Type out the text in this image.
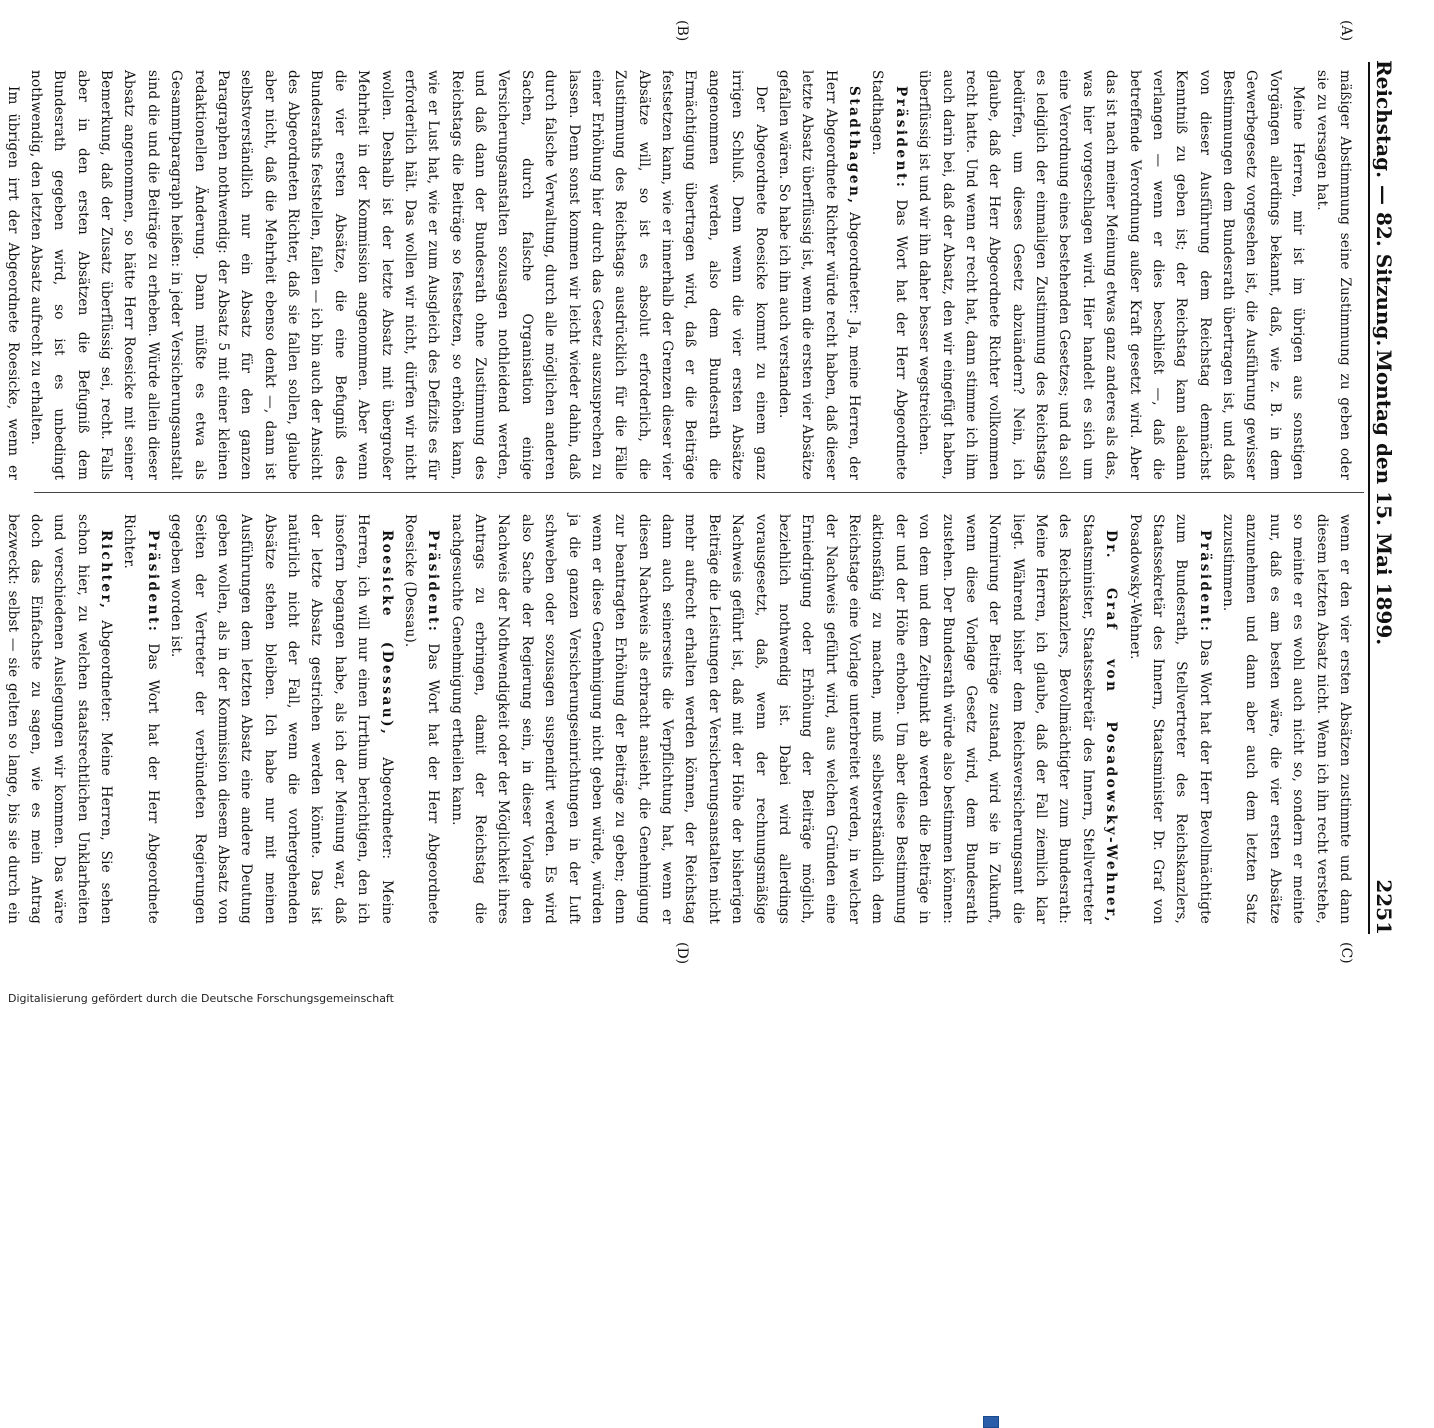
Reichstag. — 82. Sitzung.
Montag den 15. Mai 1899.
2251
(A)
(B)
(C)
(D)

mäßiger Abstimmung seine Zustimmung zu geben oder sie zu versagen hat.

Meine Herren, mir ist im übrigen aus sonstigen Vorgängen allerdings bekannt, daß, wie z. B. in dem Gewerbegesetz vorgesehen ist, die Ausführung gewisser Bestimmungen dem Bundesrath übertragen ist, und daß von dieser Ausführung dem Reichstag demnächst Kenntniß zu geben ist; der Reichstag kann alsdann verlangen — wenn er dies beschließt —, daß die betreffende Verordnung außer Kraft gesetzt wird. Aber das ist nach meiner Meinung etwas ganz anderes als das, was hier vorgeschlagen wird. Hier handelt es sich um eine Verordnung eines bestehenden Gesetzes; und da soll es lediglich der einmaligen Zustimmung des Reichstags bedürfen, um dieses Gesetz abzuändern? Nein, ich glaube, daß der Herr Abgeordnete Richter vollkommen recht hatte. Und wenn er recht hat, dann stimme ich ihm auch darin bei, daß der Absatz, den wir eingefügt haben, überflüssig ist und wir ihn daher besser wegstreichen.

Präsident: Das Wort hat der Herr Abgeordnete Stadthagen.

Stadthagen, Abgeordneter: Ja, meine Herren, der Herr Abgeordnete Richter würde recht haben, daß dieser letzte Absatz überflüssig ist, wenn die ersten vier Absätze gefallen wären. So habe ich ihn auch verstanden.

Der Abgeordnete Roesicke kommt zu einem ganz irrigen Schluß. Denn wenn die vier ersten Absätze angenommen werden, also dem Bundesrath die Ermächtigung übertragen wird, daß er die Beiträge festsetzen kann, wie er innerhalb der Grenzen dieser vier Absätze will, so ist es absolut erforderlich, die Zustimmung des Reichstags ausdrücklich für die Fälle einer Erhöhung hier durch das Gesetz auszusprechen zu lassen. Denn sonst kommen wir leicht wieder dahin, daß durch falsche Verwaltung, durch alle möglichen anderen Sachen, durch falsche Organisation einige Versicherungsanstalten sozusagen nothleidend werden, und daß dann der Bundesrath ohne Zustimmung des Reichstags die Beiträge so festsetzen, so erhöhen kann, wie er Lust hat, wie er zum Ausgleich des Defizits es für erforderlich hält. Das wollen wir nicht, dürfen wir nicht wollen. Deshalb ist der letzte Absatz mit übergroßer Mehrheit in der Kommission angenommen. Aber wenn die vier ersten Absätze, die eine Befugniß des Bundesraths feststellen, fallen — ich bin auch der Ansicht des Abgeordneten Richter, daß sie fallen sollen, glaube aber nicht, daß die Mehrheit ebenso denkt —, dann ist selbstverständlich nur ein Absatz für den ganzen Paragraphen nothwendig: der Absatz 5 mit einer kleinen redaktionellen Änderung. Dann müßte es etwa als Gesammtparagraph heißen: in jeder Versicherungsanstalt sind die und die Beiträge zu erheben. Würde allein dieser Absatz angenommen, so hätte Herr Roesicke mit seiner Bemerkung, daß der Zusatz überflüssig sei, recht. Falls aber in den ersten Absätzen die Befugniß dem Bundesrath gegeben wird, so ist es unbedingt nothwendig, den letzten Absatz aufrecht zu erhalten.

Im übrigen irrt der Abgeordnete Roesicke, wenn er

wenn er den vier ersten Absätzen zustimmte und dann diesem letzten Absatz nicht. Wenn ich ihn recht verstehe, so meinte er es wohl auch nicht so, sondern er meinte nur, daß es am besten wäre, die vier ersten Absätze anzunehmen und dann aber auch dem letzten Satz zuzustimmen.

Präsident: Das Wort hat der Herr Bevollmächtigte zum Bundesrath, Stellvertreter des Reichskanzlers, Staatssekretär des Innern, Staatsminister Dr. Graf von Posadowsky-Wehner.

Dr. Graf von Posadowsky-Wehner, Staatsminister, Staatssekretär des Innern, Stellvertreter des Reichskanzlers, Bevollmächtigter zum Bundesrath: Meine Herren, ich glaube, daß der Fall ziemlich klar liegt. Während bisher dem Reichsversicherungsamt die Normirung der Beiträge zustand, wird sie in Zukunft, wenn diese Vorlage Gesetz wird, dem Bundesrath zustehen. Der Bundesrath würde also bestimmen können: von dem und dem Zeitpunkt ab werden die Beiträge in der und der Höhe erhoben. Um aber diese Bestimmung aktionsfähig zu machen, muß selbstverständlich dem Reichstage eine Vorlage unterbreitet werden, in welcher der Nachweis geführt wird, aus welchen Gründen eine Erniedrigung oder Erhöhung der Beiträge möglich, beziehlich nothwendig ist. Dabei wird allerdings vorausgesetzt, daß, wenn der rechnungsmäßige Nachweis geführt ist, daß mit der Höhe der bisherigen Beiträge die Leistungen der Versicherungsanstalten nicht mehr aufrecht erhalten werden können, der Reichstag dann auch seinerseits die Verpflichtung hat, wenn er diesen Nachweis als erbracht ansieht, die Genehmigung zur beantragten Erhöhung der Beiträge zu geben; denn wenn er diese Genehmigung nicht geben würde, würden ja die ganzen Versicherungseinrichtungen in der Luft schweben oder sozusagen suspendirt werden. Es wird also Sache der Regierung sein, in dieser Vorlage den Nachweis der Nothwendigkeit oder der Möglichkeit ihres Antrags zu erbringen, damit der Reichstag die nachgesuchte Genehmigung ertheilen kann.

Präsident: Das Wort hat der Herr Abgeordnete Roesicke (Dessau).

Roesicke (Dessau), Abgeordneter: Meine Herren, ich will nur einen Irrthum berichtigen, den ich insofern begangen habe, als ich der Meinung war, daß der letzte Absatz gestrichen werden könnte. Das ist natürlich nicht der Fall, wenn die vorhergehenden Absätze stehen bleiben. Ich habe nur mit meinen Ausführungen dem letzten Absatz eine andere Deutung geben wollen, als in der Kommission diesem Absatz von Seiten der Vertreter der verbündeten Regierungen gegeben worden ist.

Präsident: Das Wort hat der Herr Abgeordnete Richter.

Richter, Abgeordneter: Meine Herren, Sie sehen schon hier, zu welchen staatsrechtlichen Unklarheiten und verschiedenen Auslegungen wir kommen. Das wäre doch das Einfachste zu sagen, wie es mein Antrag bezweckt: selbst — sie gelten so lange, bis sie durch ein

Digitalisierung gefördert durch die Deutsche Forschungsgemeinschaft
